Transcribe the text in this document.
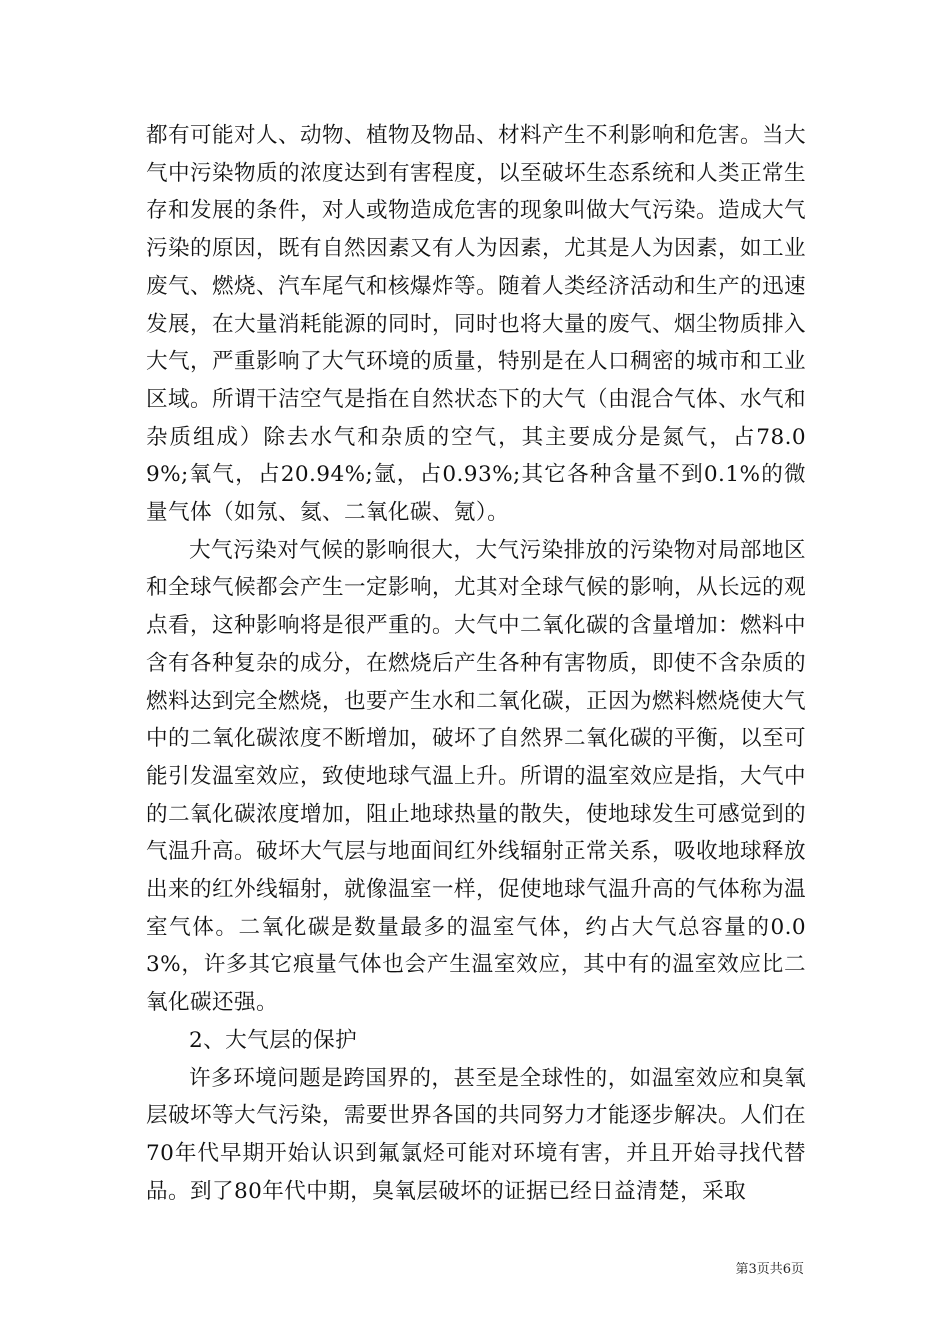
都有可能对人、动物、植物及物品、材料产生不利影响和危害。当大气中污染物质的浓度达到有害程度，以至破坏生态系统和人类正常生存和发展的条件，对人或物造成危害的现象叫做大气污染。造成大气污染的原因，既有自然因素又有人为因素，尤其是人为因素，如工业废气、燃烧、汽车尾气和核爆炸等。随着人类经济活动和生产的迅速发展，在大量消耗能源的同时，同时也将大量的废气、烟尘物质排入大气，严重影响了大气环境的质量，特别是在人口稠密的城市和工业区域。所谓干洁空气是指在自然状态下的大气（由混合气体、水气和杂质组成）除去水气和杂质的空气，其主要成分是氮气，占78.09%;氧气，占20.94%;氩，占0.93%;其它各种含量不到0.1%的微量气体（如氖、氦、二氧化碳、氪）。

大气污染对气候的影响很大，大气污染排放的污染物对局部地区和全球气候都会产生一定影响，尤其对全球气候的影响，从长远的观点看，这种影响将是很严重的。大气中二氧化碳的含量增加：燃料中含有各种复杂的成分，在燃烧后产生各种有害物质，即使不含杂质的燃料达到完全燃烧，也要产生水和二氧化碳，正因为燃料燃烧使大气中的二氧化碳浓度不断增加，破坏了自然界二氧化碳的平衡，以至可能引发温室效应，致使地球气温上升。所谓的温室效应是指，大气中的二氧化碳浓度增加，阻止地球热量的散失，使地球发生可感觉到的气温升高。破坏大气层与地面间红外线辐射正常关系，吸收地球释放出来的红外线辐射，就像温室一样，促使地球气温升高的气体称为温室气体。二氧化碳是数量最多的温室气体，约占大气总容量的0.03%，许多其它痕量气体也会产生温室效应，其中有的温室效应比二氧化碳还强。

2、大气层的保护

许多环境问题是跨国界的，甚至是全球性的，如温室效应和臭氧层破坏等大气污染，需要世界各国的共同努力才能逐步解决。人们在70年代早期开始认识到氟氯烃可能对环境有害，并且开始寻找代替品。到了80年代中期，臭氧层破坏的证据已经日益清楚，采取

第3页共6页
